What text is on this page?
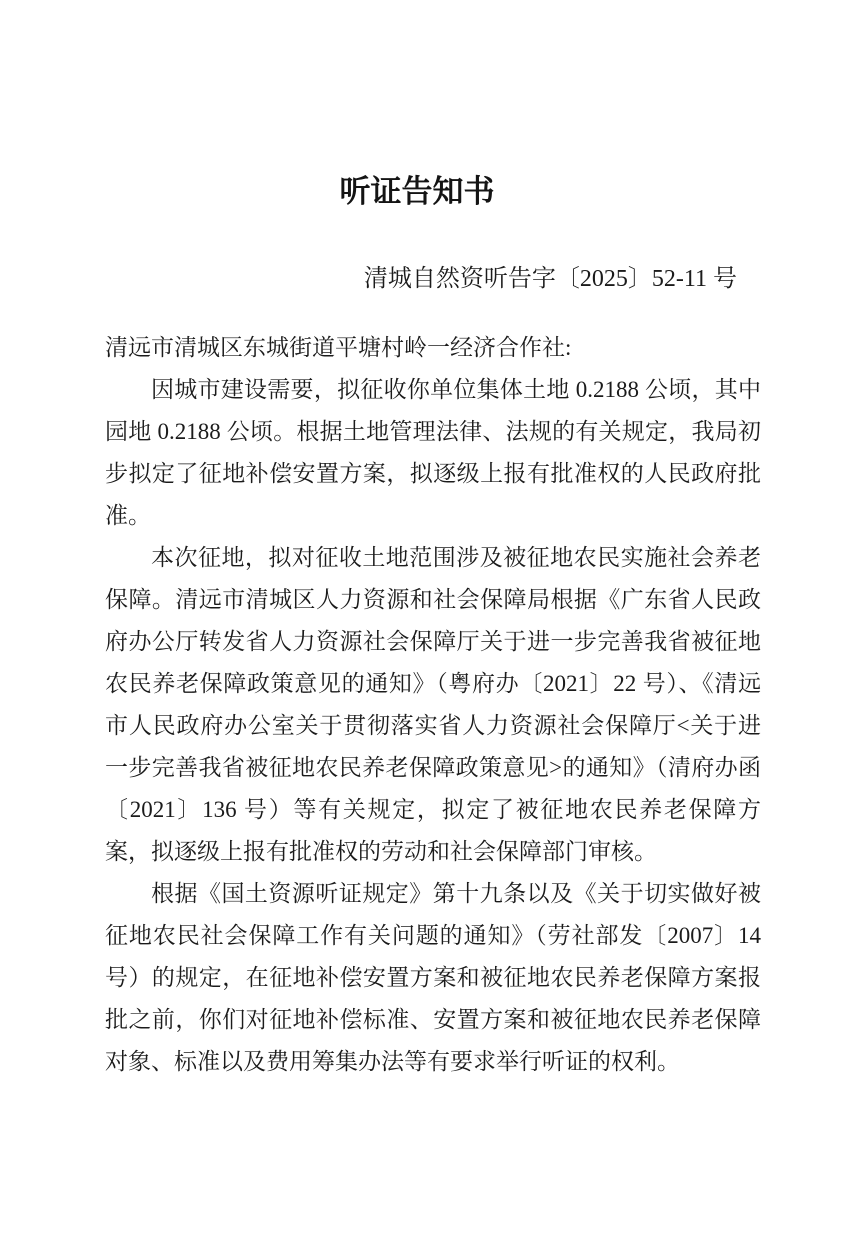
听证告知书
清城自然资听告字〔2025〕52-11 号

清远市清城区东城街道平塘村岭一经济合作社:

因城市建设需要，拟征收你单位集体土地 0.2188 公顷，其中园地 0.2188 公顷。根据土地管理法律、法规的有关规定，我局初步拟定了征地补偿安置方案，拟逐级上报有批准权的人民政府批准。

本次征地，拟对征收土地范围涉及被征地农民实施社会养老保障。清远市清城区人力资源和社会保障局根据《广东省人民政府办公厅转发省人力资源社会保障厅关于进一步完善我省被征地农民养老保障政策意见的通知》（粤府办〔2021〕22 号）、《清远市人民政府办公室关于贯彻落实省人力资源社会保障厅<关于进一步完善我省被征地农民养老保障政策意见>的通知》（清府办函〔2021〕136 号）等有关规定，拟定了被征地农民养老保障方案，拟逐级上报有批准权的劳动和社会保障部门审核。

根据《国土资源听证规定》第十九条以及《关于切实做好被征地农民社会保障工作有关问题的通知》（劳社部发〔2007〕14 号）的规定，在征地补偿安置方案和被征地农民养老保障方案报批之前，你们对征地补偿标准、安置方案和被征地农民养老保障对象、标准以及费用筹集办法等有要求举行听证的权利。
